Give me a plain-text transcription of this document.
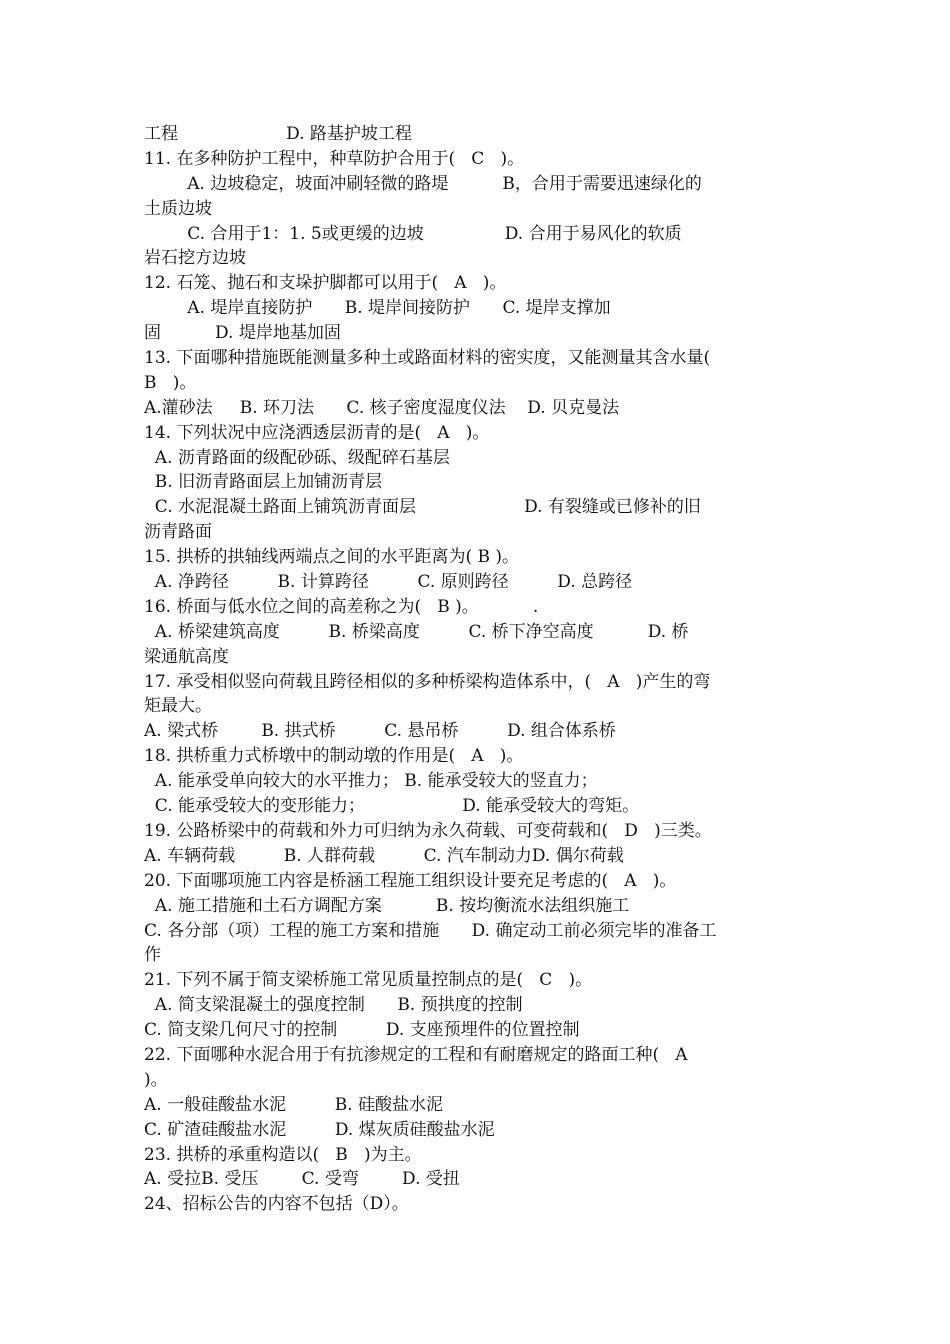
工程                    D. 路基护坡工程
11. 在多种防护工程中，种草防护合用于(   C   )。
A. 边坡稳定，坡面冲刷轻微的路堤          B，合用于需要迅速绿化的
土质边坡
C. 合用于1：1. 5或更缓的边坡               D. 合用于易风化的软质
岩石挖方边坡
12. 石笼、抛石和支垛护脚都可以用于(   A   )。
A. 堤岸直接防护      B. 堤岸间接防护      C. 堤岸支撑加
固          D. 堤岸地基加固
13. 下面哪种措施既能测量多种土或路面材料的密实度，又能测量其含水量(
B   )。
A.灌砂法     B. 环刀法      C. 核子密度湿度仪法    D. 贝克曼法
14. 下列状况中应浇洒透层沥青的是(   A   )。
A. 沥青路面的级配砂砾、级配碎石基层
B. 旧沥青路面层上加铺沥青层
C. 水泥混凝土路面上铺筑沥青面层                    D. 有裂缝或已修补的旧
沥青路面
15. 拱桥的拱轴线两端点之间的水平距离为( B )。
A. 净跨径         B. 计算跨径         C. 原则跨径         D. 总跨径
16. 桥面与低水位之间的高差称之为(   B )。          .
A. 桥梁建筑高度         B. 桥梁高度         C. 桥下净空高度          D. 桥
梁通航高度
17. 承受相似竖向荷载且跨径相似的多种桥梁构造体系中，(   A   )产生的弯
矩最大。
A. 梁式桥        B. 拱式桥         C. 悬吊桥         D. 组合体系桥
18. 拱桥重力式桥墩中的制动墩的作用是(   A   )。
A. 能承受单向较大的水平推力； B. 能承受较大的竖直力；
C. 能承受较大的变形能力；                  D. 能承受较大的弯矩。
19. 公路桥梁中的荷载和外力可归纳为永久荷载、可变荷载和(   D   )三类。
A. 车辆荷载         B. 人群荷载         C. 汽车制动力D. 偶尔荷载
20. 下面哪项施工内容是桥涵工程施工组织设计要充足考虑的(   A   )。
A. 施工措施和土石方调配方案          B. 按均衡流水法组织施工
C. 各分部（项）工程的施工方案和措施      D. 确定动工前必须完毕的准备工
作
21. 下列不属于简支梁桥施工常见质量控制点的是(   C   )。
A. 简支梁混凝土的强度控制      B. 预拱度的控制
C. 简支梁几何尺寸的控制         D. 支座预埋件的位置控制
22. 下面哪种水泥合用于有抗渗规定的工程和有耐磨规定的路面工种(   A
)。
A. 一般硅酸盐水泥         B. 硅酸盐水泥
C. 矿渣硅酸盐水泥         D. 煤灰质硅酸盐水泥
23. 拱桥的承重构造以(   B   )为主。
A. 受拉B. 受压        C. 受弯        D. 受扭
24、招标公告的内容不包括（D）。
